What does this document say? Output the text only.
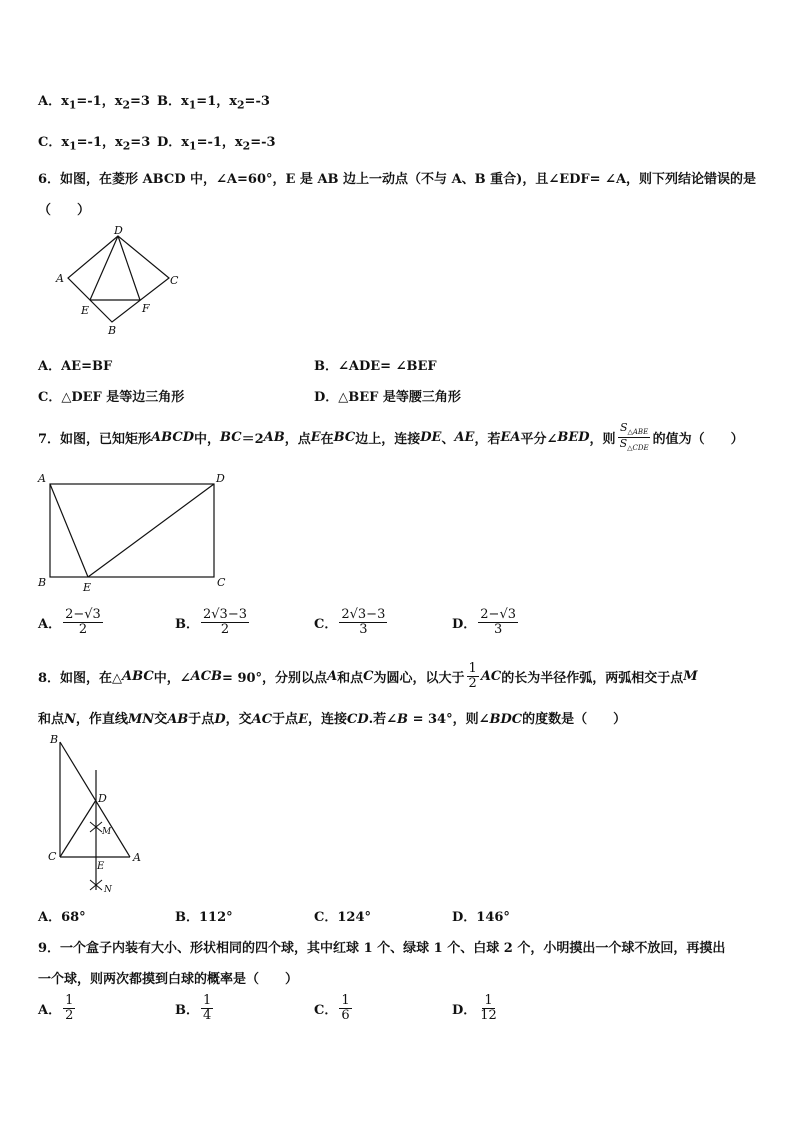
A．$x_1=-1$，$x_2=3$ B．$x_1=1$，$x_2=-3$
C．$x_1=-1$，$x_2=3$ D．$x_1=-1$，$x_2=-3$
6．如图，在菱形 ABCD 中，∠A=60°，E 是 AB 边上一动点（不与 A、B 重合)，且∠EDF= ∠A，则下列结论错误的是
（　　）
D
A	C
E	F
B
A．AE=BF	B．∠ADE= ∠BEF
C．△DEF 是等边三角形	D．△BEF 是等腰三角形
7．如图，已知矩形 ABCD 中， BC ＝2 AB ，点 E 在 BC 边上，连接 DE 、 AE ，若 EA 平分∠ BED ，则 $\frac{S_{\triangle ABE}}{S_{\triangle CDE}}$ 的值为（　　）
A	D
B	E	C
A． $\frac{2-√3}{2}$	B． $\frac{2√3-3}{2}$	C． $\frac{2√3-3}{3}$	D． $\frac{2-√3}{3}$
8．如图，在△ ABC 中，∠ ACB = 90°，分别以点 A 和点 C 为圆心，以大于 $\frac{1}{2}$ AC 的长为半径作弧，两弧相交于点 M
和点N，作直线MN交AB于点D，交AC于点E，连接CD.若∠B = 34°，则∠BDC的度数是（　　）
B
D
M
C	A
E
N
A．68°	B．112°	C．124°	D．146°
9．一个盒子内装有大小、形状相同的四个球，其中红球 1 个、绿球 1 个、白球 2 个，小明摸出一个球不放回，再摸出
一个球，则两次都摸到白球的概率是（　　）
A． $\frac{1}{2}$	B． $\frac{1}{4}$	C． $\frac{1}{6}$	D． $\frac{1}{12}$
